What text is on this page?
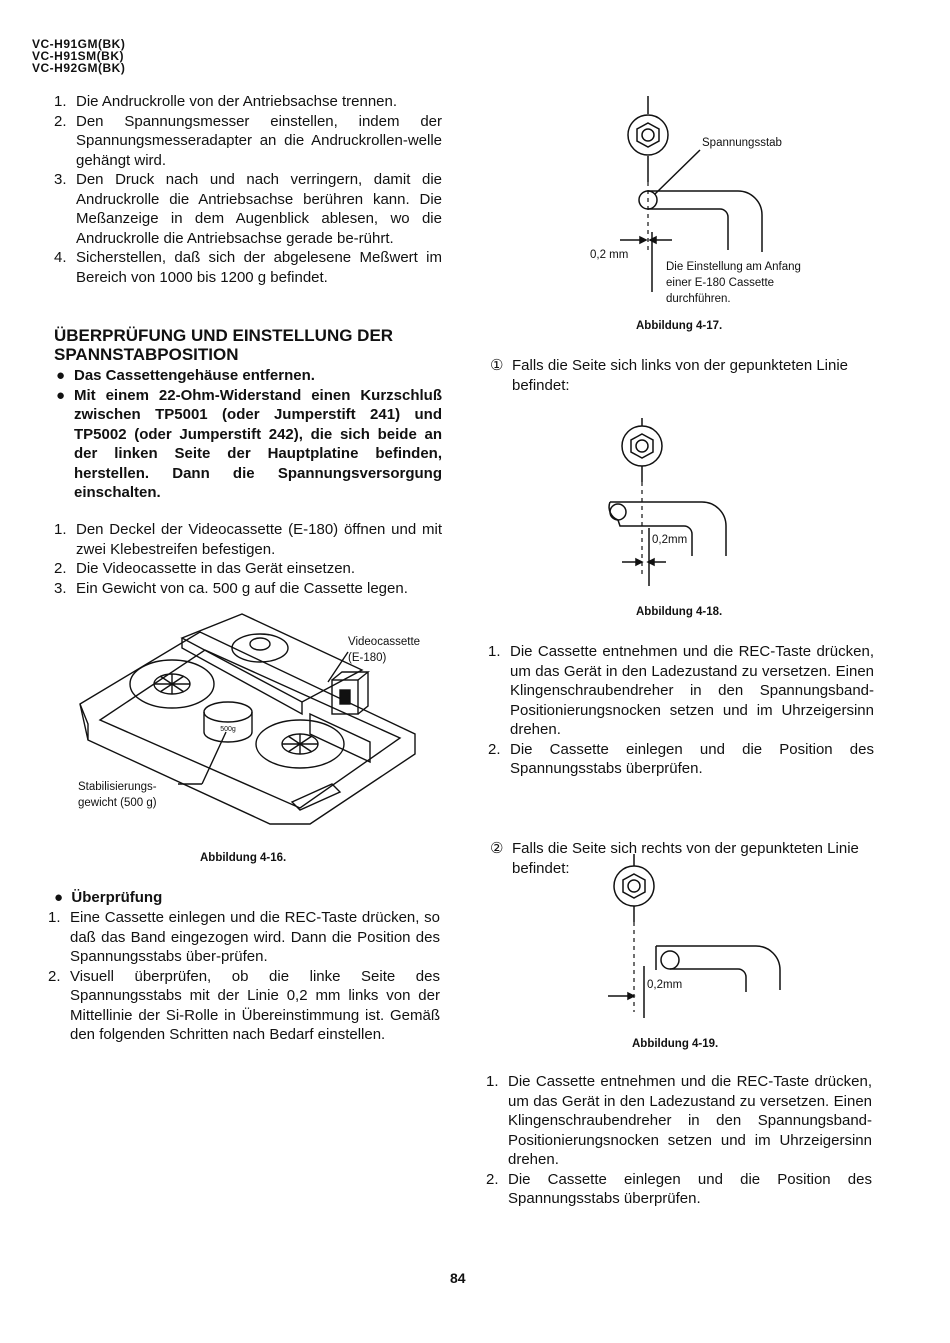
VC-H91GM(BK)
VC-H91SM(BK)
VC-H92GM(BK)
1. Die Andruckrolle von der Antriebsachse trennen.
2. Den Spannungsmesser einstellen, indem der Spannungsmesseradapter an die Andruckrollen-welle gehängt wird.
3. Den Druck nach und nach verringern, damit die Andruckrolle die Antriebsachse berühren kann. Die Meßanzeige in dem Augenblick ablesen, wo die Andruckrolle die Antriebsachse gerade be-rührt.
4. Sicherstellen, daß sich der abgelesene Meßwert im Bereich von 1000 bis 1200 g befindet.
ÜBERPRÜFUNG UND EINSTELLUNG DER SPANNSTABPOSITION
● Das Cassettengehäuse entfernen.
● Mit einem 22-Ohm-Widerstand einen Kurzschluß zwischen TP5001 (oder Jumperstift 241) und TP5002 (oder Jumperstift 242), die sich beide an der linken Seite der Hauptplatine befinden, herstellen. Dann die Spannungsversorgung einschalten.
1. Den Deckel der Videocassette (E-180) öffnen und mit zwei Klebestreifen befestigen.
2. Die Videocassette in das Gerät einsetzen.
3. Ein Gewicht von ca. 500 g auf die Cassette legen.
500g
Videocassette
(E-180)
Stabilisierungs-
gewicht (500 g)
Abbildung 4-16.
● Überprüfung
1. Eine Cassette einlegen und die REC-Taste drücken, so daß das Band eingezogen wird. Dann die Position des Spannungsstabs über-prüfen.
2. Visuell überprüfen, ob die linke Seite des Spannungsstabs mit der Linie 0,2 mm links von der Mittellinie der Si-Rolle in Übereinstimmung ist. Gemäß den folgenden Schritten nach Bedarf einstellen.
Spannungsstab
0,2 mm
Die Einstellung am Anfang
einer E-180 Cassette
durchführen.
Abbildung 4-17.
① Falls die Seite sich links von der gepunkteten Linie befindet:
0,2mm
Abbildung 4-18.
1. Die Cassette entnehmen und die REC-Taste drücken, um das Gerät in den Ladezustand zu versetzen. Einen Klingenschraubendreher in den Spannungsband-Positionierungsnocken setzen und im Uhrzeigersinn drehen.
2. Die Cassette einlegen und die Position des Spannungsstabs überprüfen.
② Falls die Seite sich rechts von der gepunkteten Linie befindet:
0,2mm
Abbildung 4-19.
1. Die Cassette entnehmen und die REC-Taste drücken, um das Gerät in den Ladezustand zu versetzen. Einen Klingenschraubendreher in den Spannungsband-Positionierungsnocken setzen und im Uhrzeigersinn drehen.
2. Die Cassette einlegen und die Position des Spannungsstabs überprüfen.
84
